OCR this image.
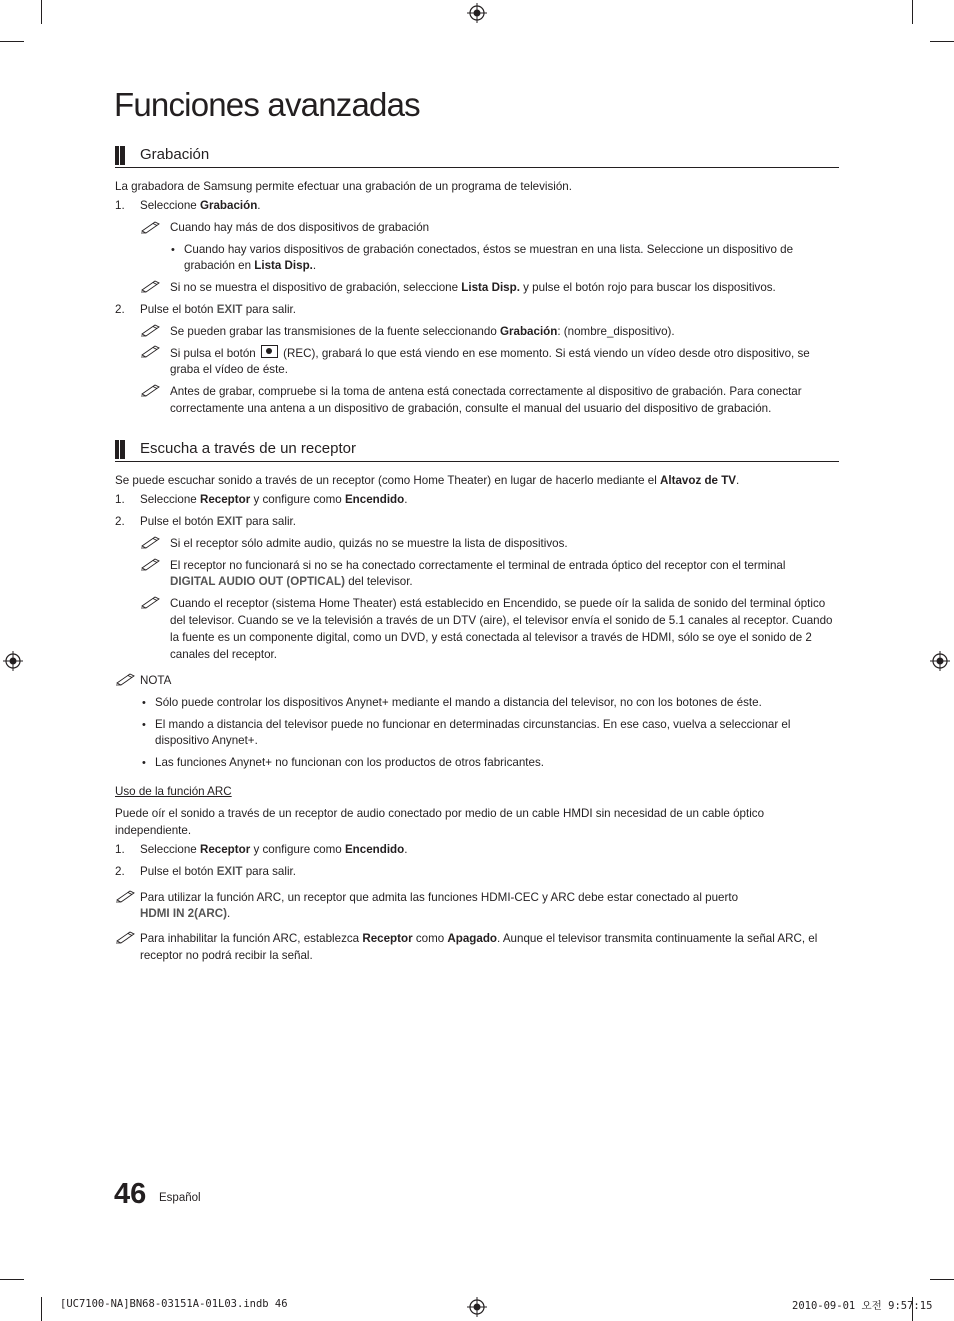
Funciones avanzadas
Grabación
La grabadora de Samsung permite efectuar una grabación de un programa de televisión.
1.	Seleccione Grabación.
Cuando hay más de dos dispositivos de grabación
• Cuando hay varios dispositivos de grabación conectados, éstos se muestran en una lista. Seleccione un dispositivo de
grabación en Lista Disp..
Si no se muestra el dispositivo de grabación, seleccione Lista Disp. y pulse el botón rojo para buscar los dispositivos.
2.	Pulse el botón EXIT para salir.
Se pueden grabar las transmisiones de la fuente seleccionando Grabación: (nombre_dispositivo).
Si pulsa el botón  (REC), grabará lo que está viendo en ese momento. Si está viendo un vídeo desde otro dispositivo, se
graba el vídeo de éste.
Antes de grabar, compruebe si la toma de antena está conectada correctamente al dispositivo de grabación. Para conectar
correctamente una antena a un dispositivo de grabación, consulte el manual del usuario del dispositivo de grabación.
Escucha a través de un receptor
Se puede escuchar sonido a través de un receptor (como Home Theater) en lugar de hacerlo mediante el Altavoz de TV.
1.	Seleccione Receptor y configure como Encendido.
2.	Pulse el botón EXIT para salir.
Si el receptor sólo admite audio, quizás no se muestre la lista de dispositivos.
El receptor no funcionará si no se ha conectado correctamente el terminal de entrada óptico del receptor con el terminal
DIGITAL AUDIO OUT (OPTICAL) del televisor.
Cuando el receptor (sistema Home Theater) está establecido en Encendido, se puede oír la salida de sonido del terminal óptico
del televisor. Cuando se ve la televisión a través de un DTV (aire), el televisor envía el sonido de 5.1 canales al receptor. Cuando
la fuente es un componente digital, como un DVD, y está conectada al televisor a través de HDMI, sólo se oye el sonido de 2
canales del receptor.
NOTA
• Sólo puede controlar los dispositivos Anynet+ mediante el mando a distancia del televisor, no con los botones de éste.
• El mando a distancia del televisor puede no funcionar en determinadas circunstancias. En ese caso, vuelva a seleccionar el
dispositivo Anynet+.
• Las funciones Anynet+ no funcionan con los productos de otros fabricantes.
Uso de la función ARC
Puede oír el sonido a través de un receptor de audio conectado por medio de un cable HMDI sin necesidad de un cable óptico
independiente.
1.	Seleccione Receptor y configure como Encendido.
2.	Pulse el botón EXIT para salir.
Para utilizar la función ARC, un receptor que admita las funciones HDMI-CEC y ARC debe estar conectado al puerto
HDMI IN 2(ARC).
Para inhabilitar la función ARC, establezca Receptor como Apagado. Aunque el televisor transmita continuamente la señal ARC, el
receptor no podrá recibir la señal.
46 Español
[UC7100-NA]BN68-03151A-01L03.indb 46	2010-09-01 오전 9:57:15
